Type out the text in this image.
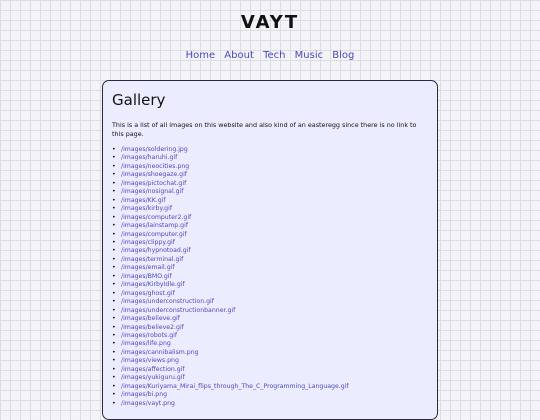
VAYT
Home About Tech Music Blog
Gallery

This is a list of all images on this website and also kind of an easteregg since there is no link to this page.

• /images/soldering.jpg
• /images/haruhi.gif
• /images/neocities.png
• /images/shoegaze.gif
• /images/pictochat.gif
• /images/nosignal.gif
• /images/KK.gif
• /images/kirby.gif
• /images/computer2.gif
• /images/lainstamp.gif
• /images/computer.gif
• /images/clippy.gif
• /images/hypnotoad.gif
• /images/terminal.gif
• /images/email.gif
• /images/BMO.gif
• /images/KirbyIdle.gif
• /images/ghost.gif
• /images/underconstruction.gif
• /images/underconstructionbanner.gif
• /images/believe.gif
• /images/believe2.gif
• /images/robots.gif
• /images/life.png
• /images/cannibalism.png
• /images/views.png
• /images/affection.gif
• /images/yukiguru.gif
• /images/Kuriyama_Mirai_flips_through_The_C_Programming_Language.gif
• /images/bi.png
• /images/vayt.png
